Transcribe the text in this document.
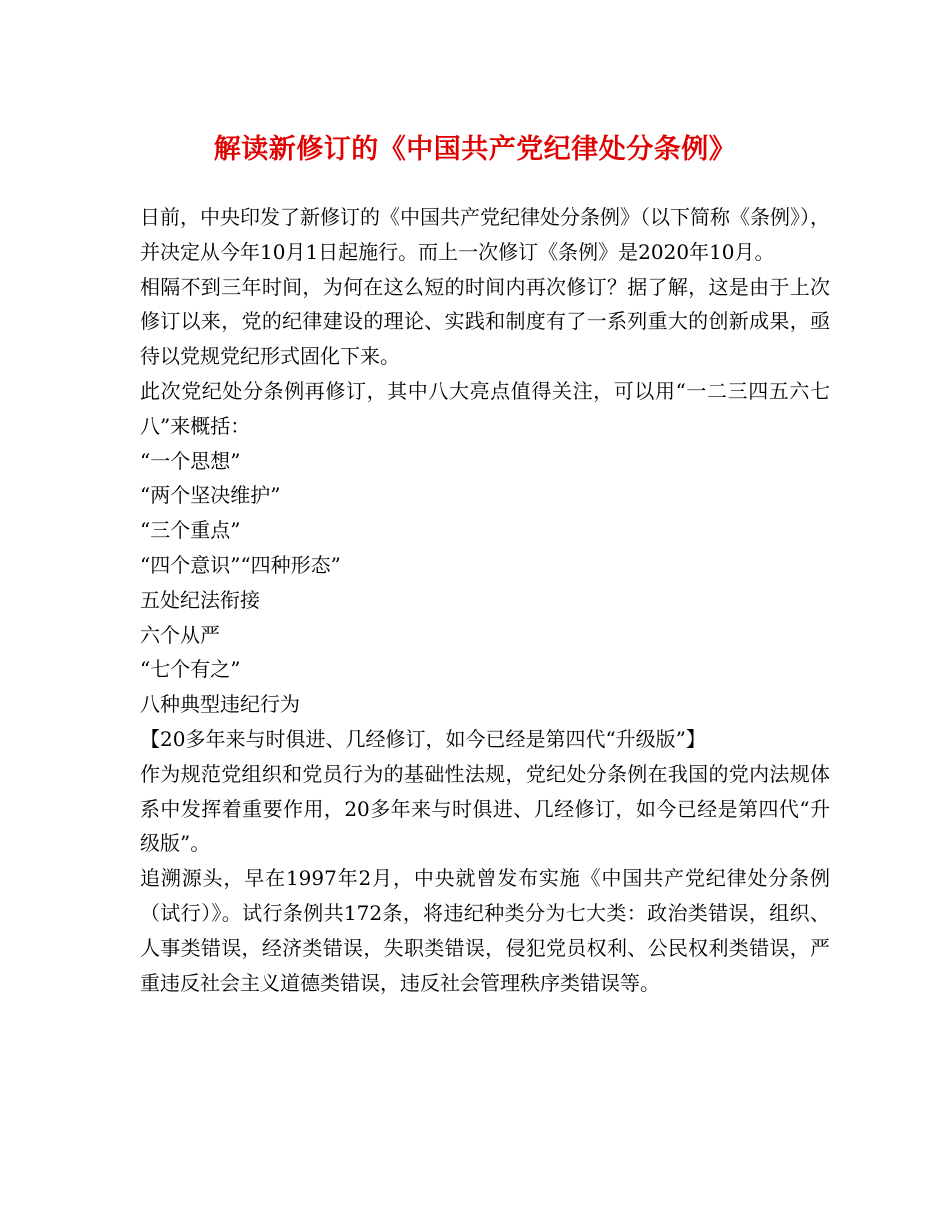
解读新修订的《中国共产党纪律处分条例》

日前，中央印发了新修订的《中国共产党纪律处分条例》（以下简称《条例》），并决定从今年10月1日起施行。而上一次修订《条例》是2020年10月。

相隔不到三年时间，为何在这么短的时间内再次修订？据了解，这是由于上次修订以来，党的纪律建设的理论、实践和制度有了一系列重大的创新成果，亟待以党规党纪形式固化下来。

此次党纪处分条例再修订，其中八大亮点值得关注，可以用“一二三四五六七八”来概括：

“一个思想”

“两个坚决维护”

“三个重点”

“四个意识”“四种形态”

五处纪法衔接

六个从严

“七个有之”

八种典型违纪行为

【20多年来与时俱进、几经修订，如今已经是第四代“升级版”】

作为规范党组织和党员行为的基础性法规，党纪处分条例在我国的党内法规体系中发挥着重要作用，20多年来与时俱进、几经修订，如今已经是第四代“升级版”。

追溯源头，早在1997年2月，中央就曾发布实施《中国共产党纪律处分条例（试行）》。试行条例共172条，将违纪种类分为七大类：政治类错误，组织、人事类错误，经济类错误，失职类错误，侵犯党员权利、公民权利类错误，严重违反社会主义道德类错误，违反社会管理秩序类错误等。
